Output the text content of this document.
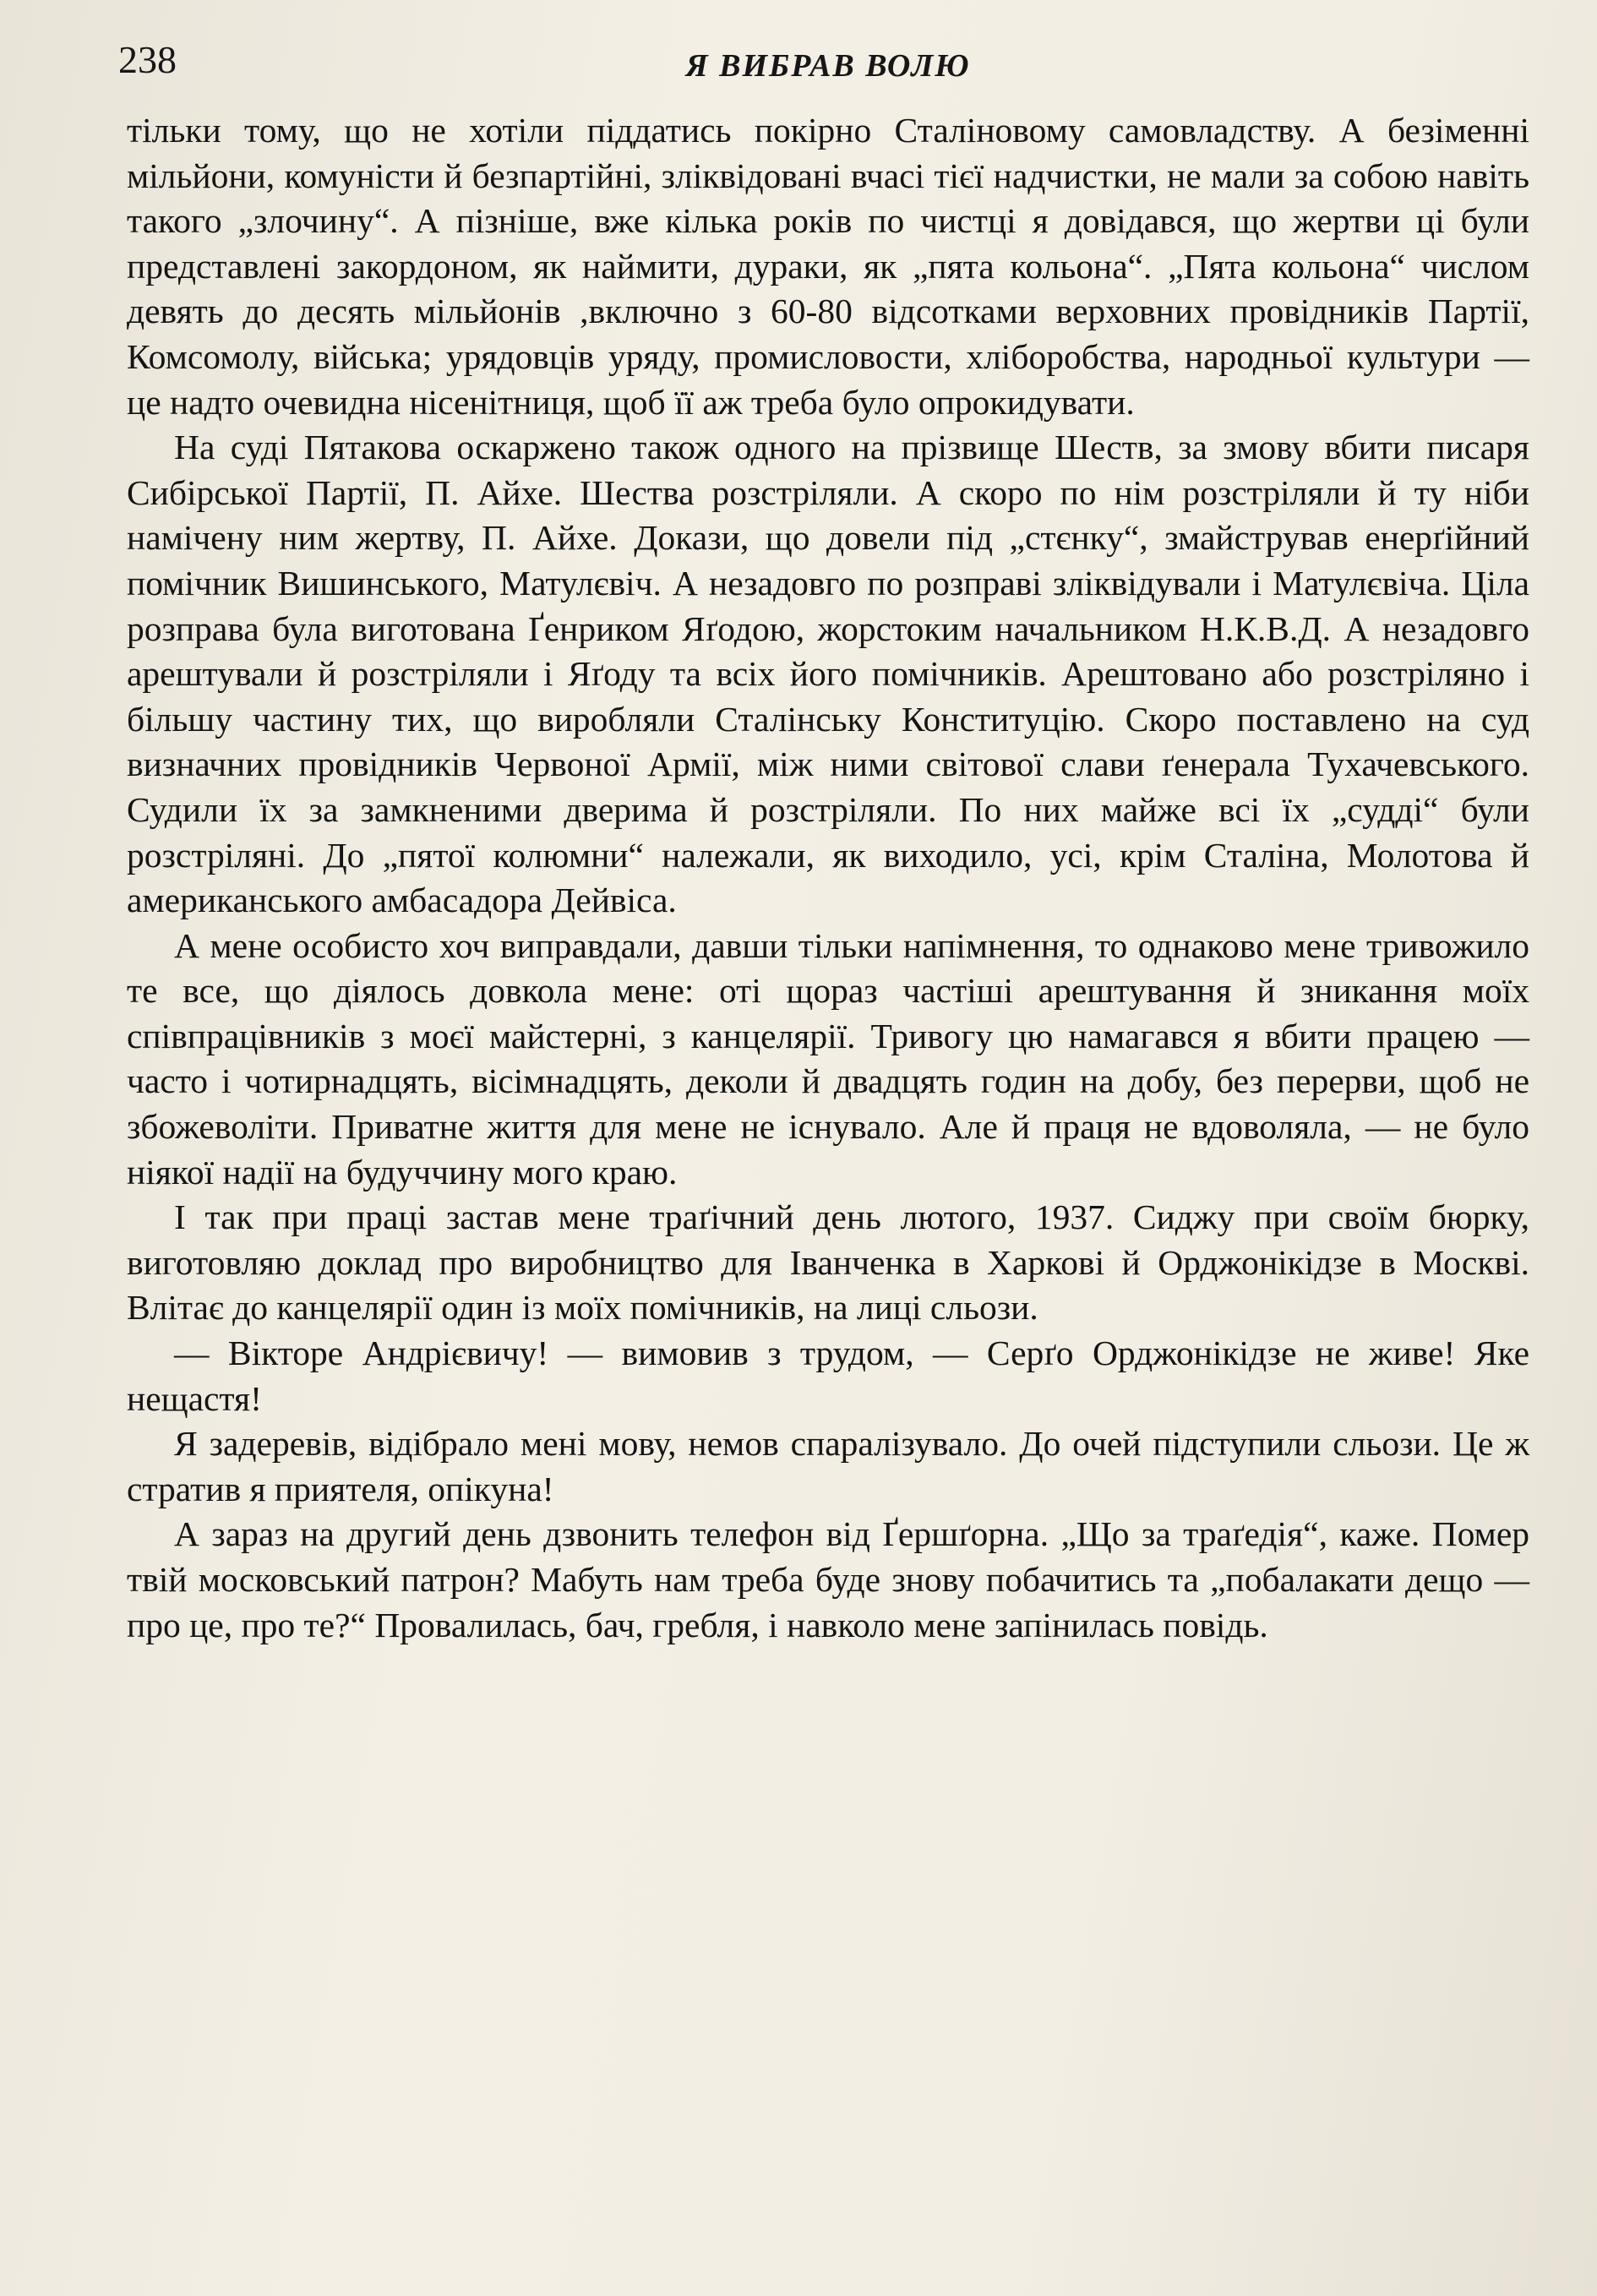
238	Я ВИБРАВ ВОЛЮ

тільки тому, що не хотіли піддатись покірно Сталіновому самовладству. А безіменні мільйони, комуністи й безпартійні, зліквідовані вчасі тієї надчистки, не мали за собою навіть такого „злочину“. А пізніше, вже кілька років по чистці я довідався, що жертви ці були представлені закордоном, як наймити, дураки, як „пята кольона“. „Пята кольона“ числом девять до десять мільйонів ,включно з 60-80 відсотками верховних провідників Партії, Комсомолу, війська; урядовців уряду, промисловости, хліборобства, народньої культури — це надто очевидна нісенітниця, щоб її аж треба було опрокидувати.

На суді Пятакова оскаржено також одного на прізвище Шеств, за змову вбити писаря Сибірської Партії, П. Айхе. Шества розстріляли. А скоро по нім розстріляли й ту ніби намічену ним жертву, П. Айхе. Докази, що довели під „стєнку“, змайстрував енерґійний помічник Вишинського, Матулєвіч. А незадовго по розправі зліквідували і Матулєвіча. Ціла розправа була виготована Ґенриком Яґодою, жорстоким начальником Н.К.В.Д. А незадовго арештували й розстріляли і Яґоду та всіх його помічників. Арештовано або розстріляно і більшу частину тих, що виробляли Сталінську Конституцію. Скоро поставлено на суд визначних провідників Червоної Армії, між ними світової слави ґенерала Тухачевського. Судили їх за замкненими дверима й розстріляли. По них майже всі їх „судді“ були розстріляні. До „пятої колюмни“ належали, як виходило, усі, крім Сталіна, Молотова й американського амбасадора Дейвіса.

А мене особисто хоч виправдали, давши тільки напімнення, то однаково мене тривожило те все, що діялось довкола мене: оті щораз частіші арештування й зникання моїх співпрацівників з моєї майстерні, з канцелярії. Тривогу цю намагався я вбити працею — часто і чотирнадцять, вісімнадцять, деколи й двадцять годин на добу, без перерви, щоб не збожеволіти. Приватне життя для мене не існувало. Але й праця не вдоволяла, — не було ніякої надії на будуччину мого краю.

І так при праці застав мене траґічний день лютого, 1937. Сиджу при своїм бюрку, виготовляю доклад про виробництво для Іванченка в Харкові й Орджонікідзе в Москві. Влітає до канцелярії один із моїх помічників, на лиці сльози.

— Вікторе Андрієвичу! — вимовив з трудом, — Серґо Орджонікідзе не живе! Яке нещастя!

Я задеревів, відібрало мені мову, немов спаралізувало. До очей підступили сльози. Це ж стратив я приятеля, опікуна!

А зараз на другий день дзвонить телефон від Ґершґорна. „Що за траґедія“, каже. Помер твій московський патрон? Мабуть нам треба буде знову побачитись та „побалакати дещо — про це, про те?“ Провалилась, бач, гребля, і навколо мене запінилась повідь.
